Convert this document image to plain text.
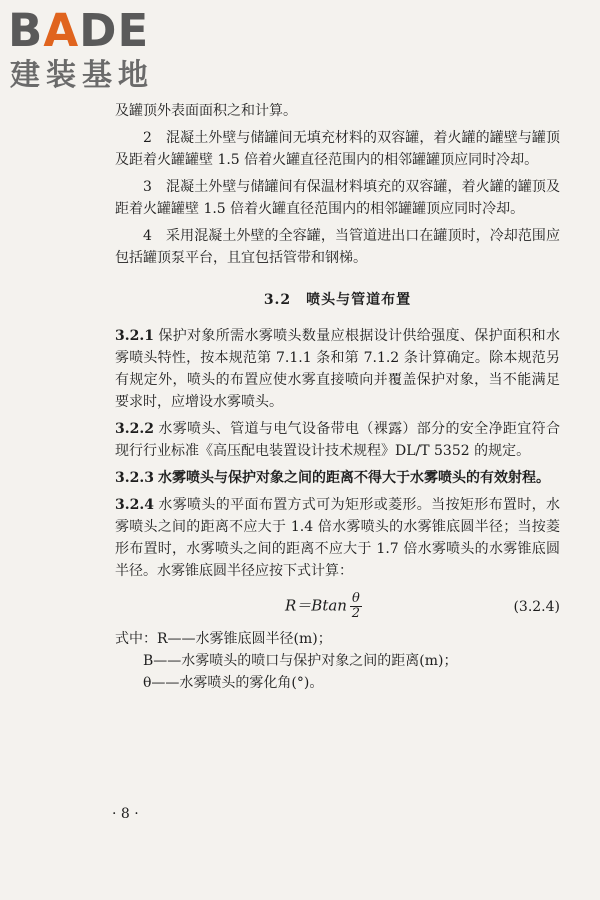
BADE
建装基地

及罐顶外表面面积之和计算。

2　混凝土外壁与储罐间无填充材料的双容罐，着火罐的罐壁与罐顶及距着火罐罐壁 1.5 倍着火罐直径范围内的相邻罐罐顶应同时冷却。

3　混凝土外壁与储罐间有保温材料填充的双容罐，着火罐的罐顶及距着火罐罐壁 1.5 倍着火罐直径范围内的相邻罐罐顶应同时冷却。

4　采用混凝土外壁的全容罐，当管道进出口在罐顶时，冷却范围应包括罐顶泵平台，且宜包括管带和钢梯。

3.2　喷头与管道布置

3.2.1 保护对象所需水雾喷头数量应根据设计供给强度、保护面积和水雾喷头特性，按本规范第 7.1.1 条和第 7.1.2 条计算确定。除本规范另有规定外，喷头的布置应使水雾直接喷向并覆盖保护对象，当不能满足要求时，应增设水雾喷头。

3.2.2 水雾喷头、管道与电气设备带电（裸露）部分的安全净距宜符合现行行业标准《高压配电装置设计技术规程》DL/T 5352 的规定。

3.2.3 水雾喷头与保护对象之间的距离不得大于水雾喷头的有效射程。

3.2.4 水雾喷头的平面布置方式可为矩形或菱形。当按矩形布置时，水雾喷头之间的距离不应大于 1.4 倍水雾喷头的水雾锥底圆半径；当按菱形布置时，水雾喷头之间的距离不应大于 1.7 倍水雾喷头的水雾锥底圆半径。水雾锥底圆半径应按下式计算：

$R=Btan \frac{\theta}{2}$	(3.2.4)

式中：R——水雾锥底圆半径(m)；

B——水雾喷头的喷口与保护对象之间的距离(m)；

θ——水雾喷头的雾化角(°)。

· 8 ·
